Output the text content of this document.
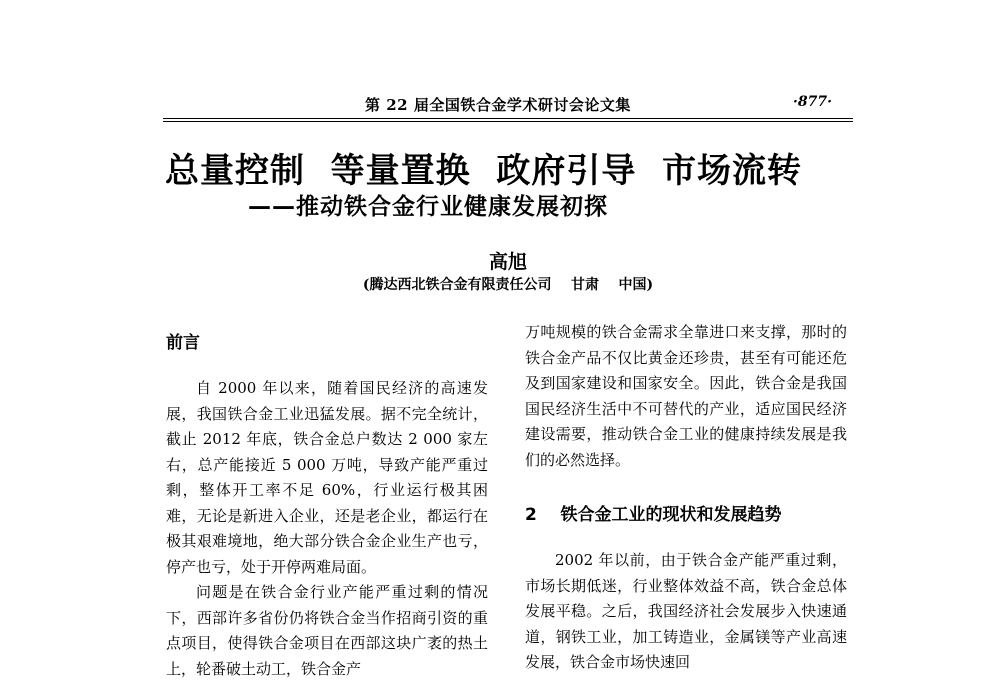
第 22 届全国铁合金学术研讨会论文集	·877·
总量控制  等量置换  政府引导  市场流转
——推动铁合金行业健康发展初探
高旭
(腾达西北铁合金有限责任公司    甘肃    中国)
前言

自 2000 年以来，随着国民经济的高速发展，我国铁合金工业迅猛发展。据不完全统计，截止 2012 年底，铁合金总户数达 2 000 家左右，总产能接近 5 000 万吨，导致产能严重过剩，整体开工率不足 60%，行业运行极其困难，无论是新进入企业，还是老企业，都运行在极其艰难境地，绝大部分铁合金企业生产也亏，停产也亏，处于开停两难局面。

问题是在铁合金行业产能严重过剩的情况下，西部许多省份仍将铁合金当作招商引资的重点项目，使得铁合金项目在西部这块广袤的热土上，轮番破土动工，铁合金产

万吨规模的铁合金需求全靠进口来支撑，那时的铁合金产品不仅比黄金还珍贵，甚至有可能还危及到国家建设和国家安全。因此，铁合金是我国国民经济生活中不可替代的产业，适应国民经济建设需要，推动铁合金工业的健康持续发展是我们的必然选择。

2    铁合金工业的现状和发展趋势

2002 年以前，由于铁合金产能严重过剩，市场长期低迷，行业整体效益不高，铁合金总体发展平稳。之后，我国经济社会发展步入快速通道，钢铁工业，加工铸造业，金属镁等产业高速发展，铁合金市场快速回
